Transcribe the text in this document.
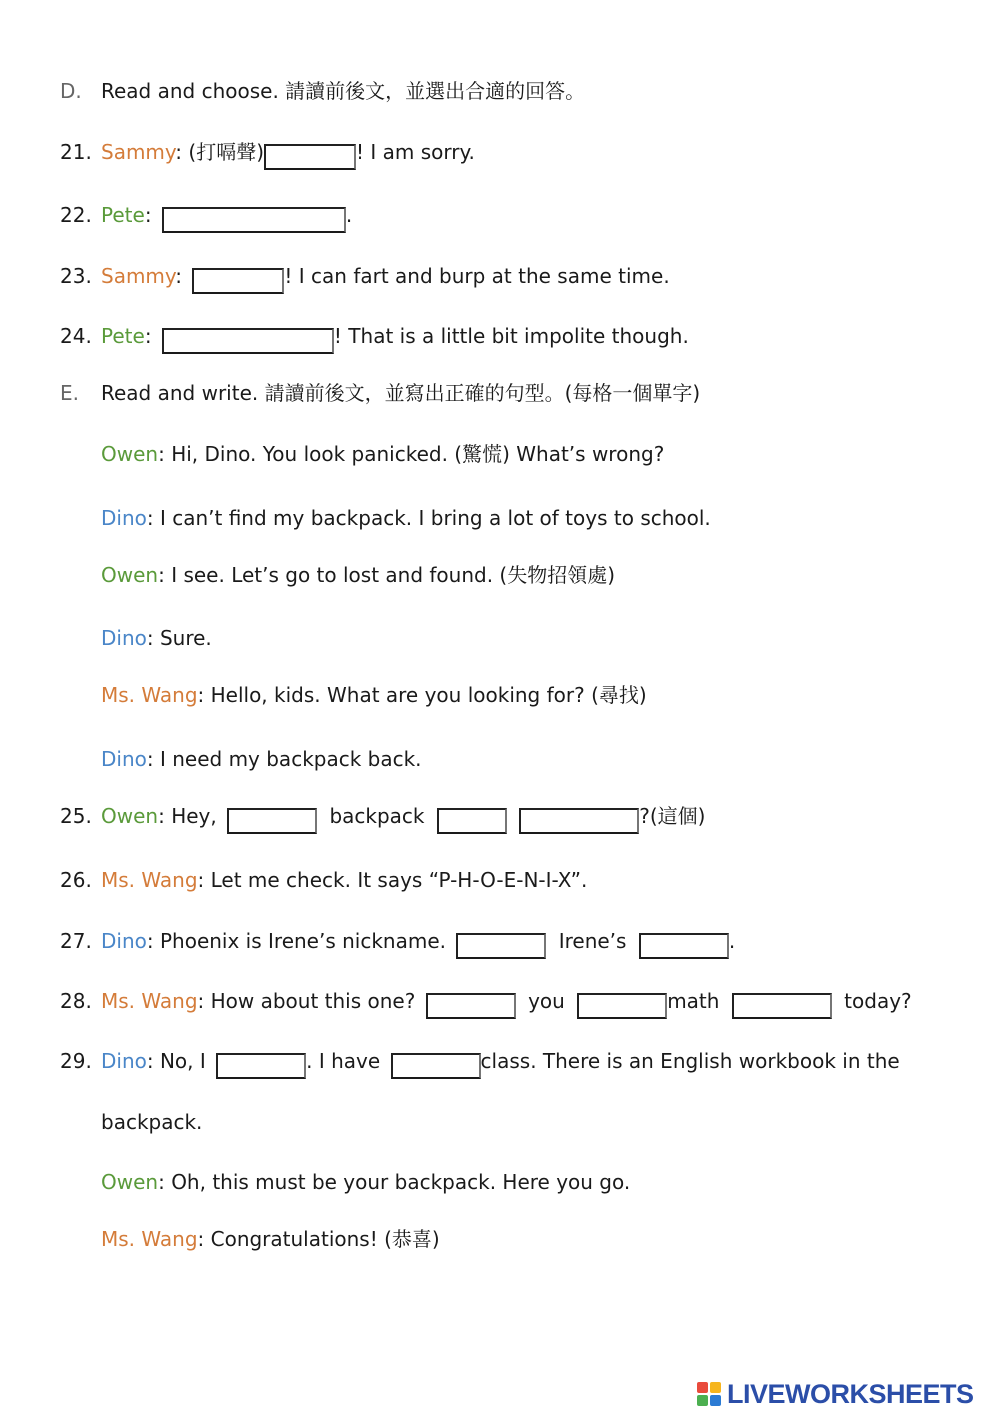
D. Read and choose. 請讀前後文，並選出合適的回答。
21. Sammy: (打嗝聲)	! I am sorry.
22. Pete:	.
23. Sammy:	! I can fart and burp at the same time.
24. Pete:	! That is a little bit impolite though.
E. Read and write. 請讀前後文，並寫出正確的句型。(每格一個單字)
Owen: Hi, Dino. You look panicked. (驚慌) What’s wrong?
Dino: I can’t find my backpack. I bring a lot of toys to school.
Owen: I see. Let’s go to lost and found. (失物招領處)
Dino: Sure.
Ms. Wang: Hello, kids. What are you looking for? (尋找)
Dino: I need my backpack back.
25. Owen: Hey,	backpack	?(這個)
26. Ms. Wang: Let me check. It says “P-H-O-E-N-I-X”.
27. Dino: Phoenix is Irene’s nickname.	Irene’s	.
28. Ms. Wang: How about this one?	you	math	today?
29. Dino: No, I	. I have	class. There is an English workbook in the
backpack.
Owen: Oh, this must be your backpack. Here you go.
Ms. Wang: Congratulations! (恭喜)
LIVEWORKSHEETS
